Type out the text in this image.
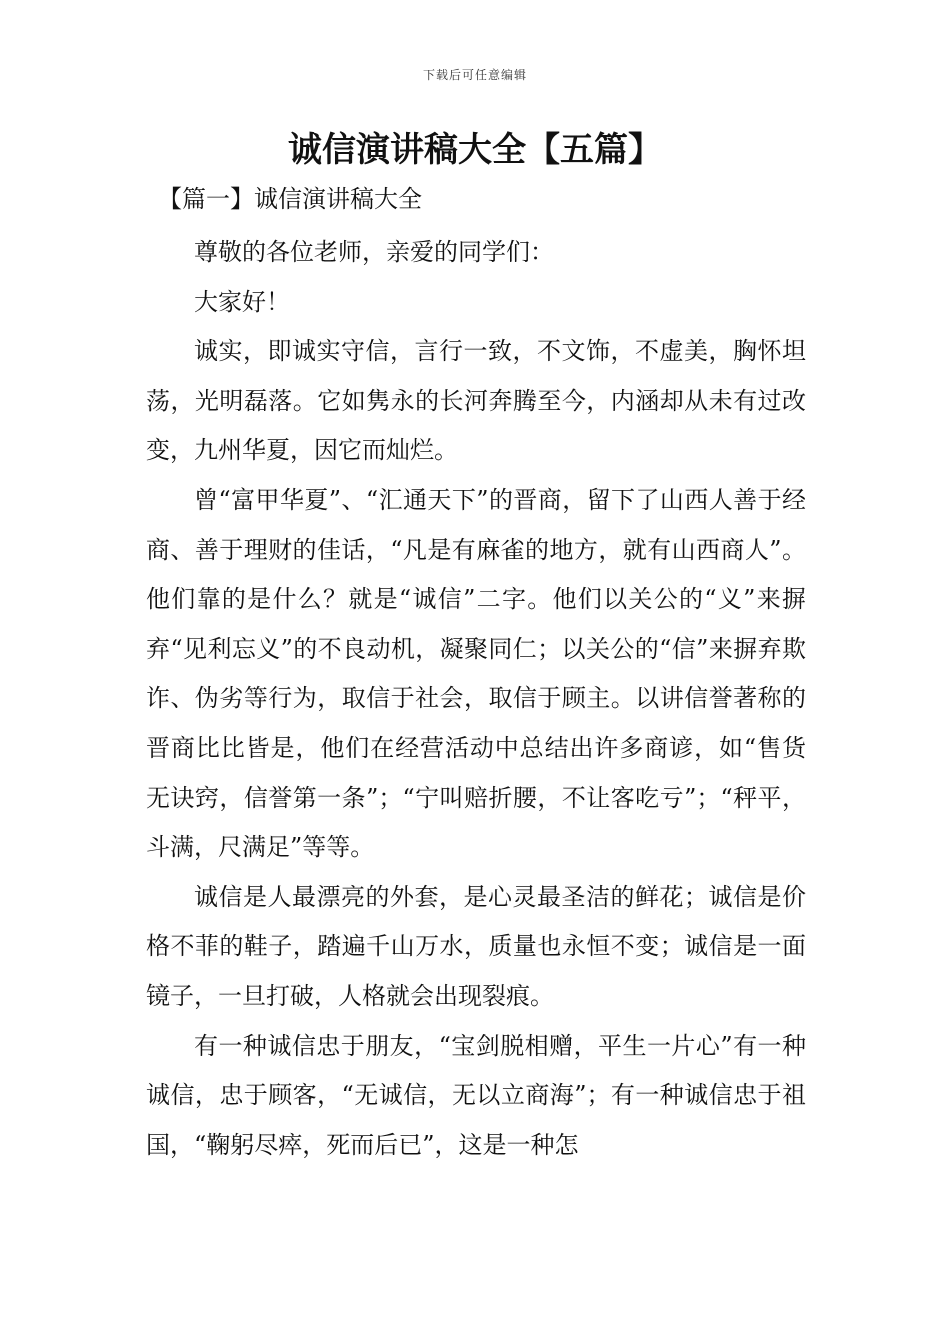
下载后可任意编辑
诚信演讲稿大全【五篇】
【篇一】诚信演讲稿大全

尊敬的各位老师，亲爱的同学们：

大家好！

诚实，即诚实守信，言行一致，不文饰，不虚美，胸怀坦荡，光明磊落。它如隽永的长河奔腾至今，内涵却从未有过改变，九州华夏，因它而灿烂。

曾“富甲华夏”、“汇通天下”的晋商，留下了山西人善于经商、善于理财的佳话，“凡是有麻雀的地方，就有山西商人”。他们靠的是什么？就是“诚信”二字。他们以关公的“义”来摒弃“见利忘义”的不良动机，凝聚同仁；以关公的“信”来摒弃欺诈、伪劣等行为，取信于社会，取信于顾主。以讲信誉著称的晋商比比皆是，他们在经营活动中总结出许多商谚，如“售货无诀窍，信誉第一条”；“宁叫赔折腰，不让客吃亏”；“秤平，斗满，尺满足”等等。

诚信是人最漂亮的外套，是心灵最圣洁的鲜花；诚信是价格不菲的鞋子，踏遍千山万水，质量也永恒不变；诚信是一面镜子，一旦打破，人格就会出现裂痕。

有一种诚信忠于朋友，“宝剑脱相赠，平生一片心”有一种诚信，忠于顾客，“无诚信，无以立商海”；有一种诚信忠于祖国，“鞠躬尽瘁，死而后已”，这是一种怎
